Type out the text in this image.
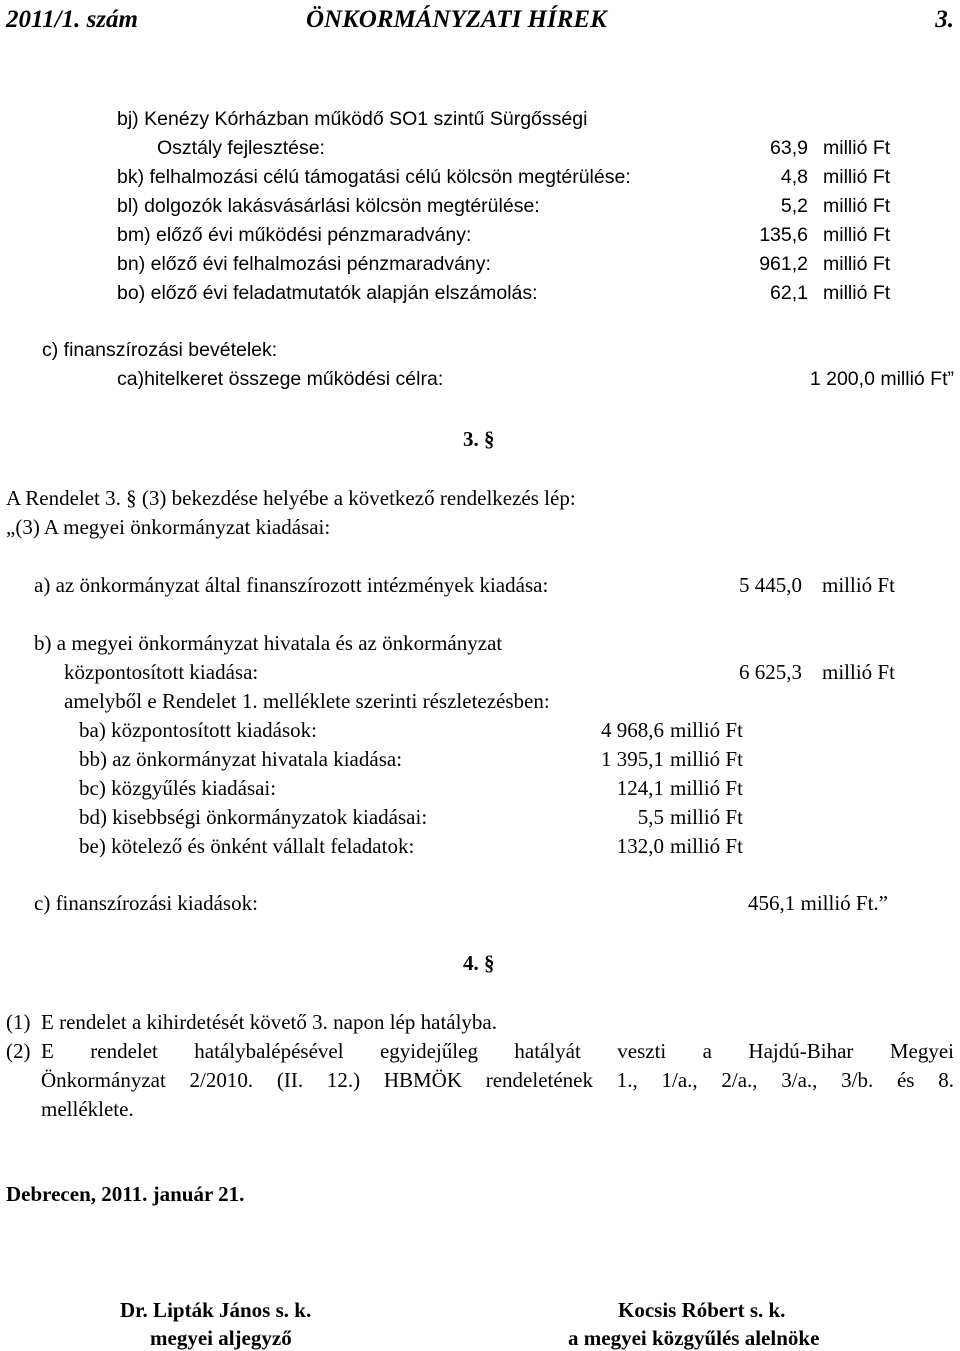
2011/1. szám	ÖNKORMÁNYZATI HÍREK	3.
bj) Kenézy Kórházban működő SO1 szintű Sürgősségi
Osztály fejlesztése:	63,9 millió Ft
bk) felhalmozási célú támogatási célú kölcsön megtérülése:	4,8 millió Ft
bl) dolgozók lakásvásárlási kölcsön megtérülése:	5,2 millió Ft
bm) előző évi működési pénzmaradvány:	135,6 millió Ft
bn) előző évi felhalmozási pénzmaradvány:	961,2 millió Ft
bo) előző évi feladatmutatók alapján elszámolás:	62,1 millió Ft
c) finanszírozási bevételek:
ca)hitelkeret összege működési célra:	1 200,0 millió Ft”
3. §
A Rendelet 3. § (3) bekezdése helyébe a következő rendelkezés lép:
„(3) A megyei önkormányzat kiadásai:
a) az önkormányzat által finanszírozott intézmények kiadása:	5 445,0 millió Ft
b) a megyei önkormányzat hivatala és az önkormányzat
központosított kiadása:	6 625,3 millió Ft
amelyből e Rendelet 1. melléklete szerinti részletezésben:
ba) központosított kiadások:	4 968,6 millió Ft
bb) az önkormányzat hivatala kiadása:	1 395,1 millió Ft
bc) közgyűlés kiadásai:	124,1 millió Ft
bd) kisebbségi önkormányzatok kiadásai:	5,5 millió Ft
be) kötelező és önként vállalt feladatok:	132,0 millió Ft
c) finanszírozási kiadások:	456,1 millió Ft.”
4. §
(1) E rendelet a kihirdetését követő 3. napon lép hatályba.
(2) E rendelet hatálybalépésével egyidejűleg hatályát veszti a Hajdú-Bihar Megyei
Önkormányzat 2/2010. (II. 12.) HBMÖK rendeletének 1., 1/a., 2/a., 3/a., 3/b. és 8.
melléklete.
Debrecen, 2011. január 21.
Dr. Lipták János s. k.
megyei aljegyző
Kocsis Róbert s. k.
a megyei közgyűlés alelnöke
